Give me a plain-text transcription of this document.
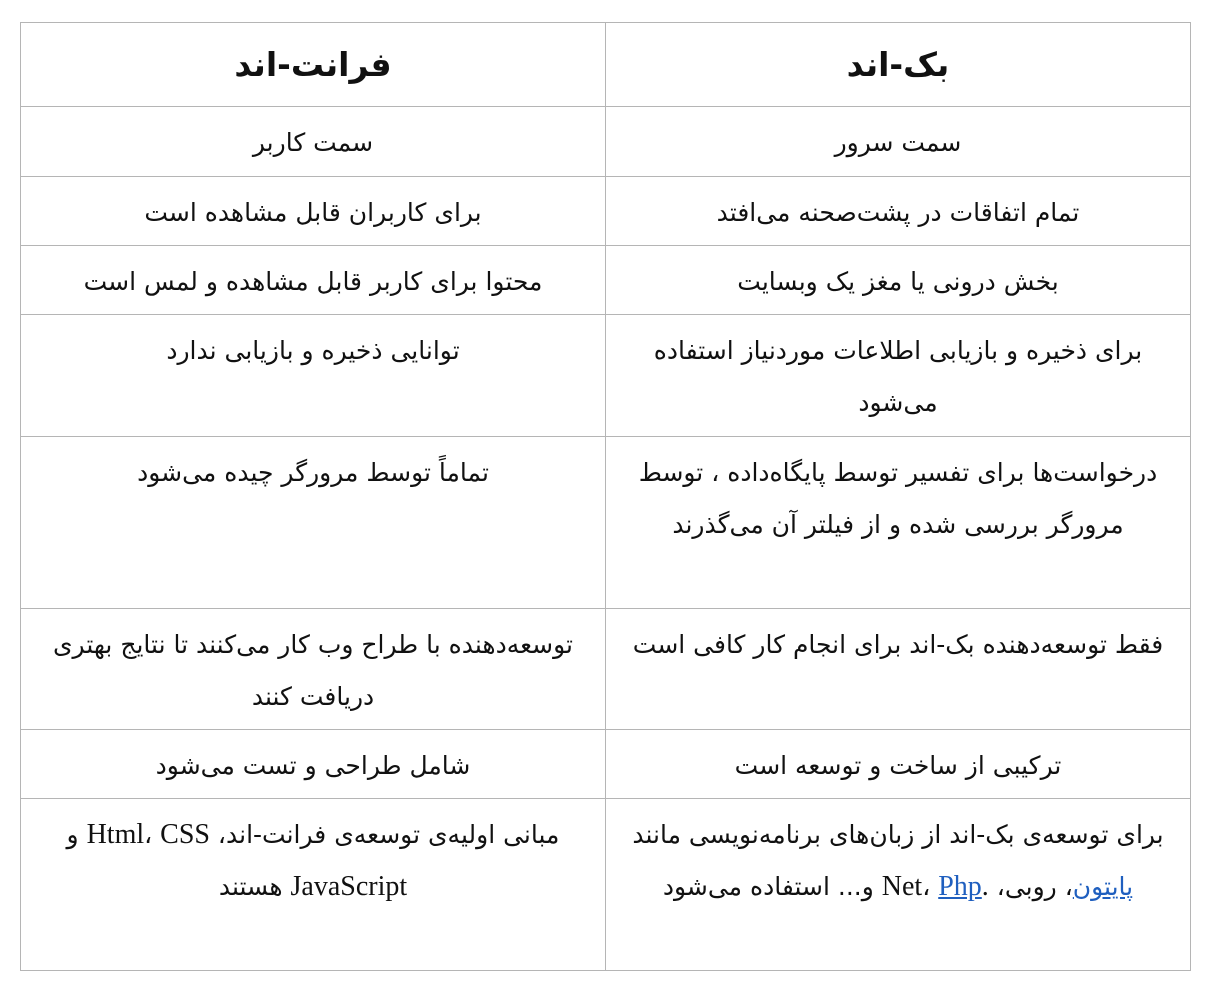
بک-اند	فرانت-اند
سمت سرور	سمت کاربر
تمام اتفاقات در پشت‌صحنه می‌افتد	برای کاربران قابل مشاهده است
بخش درونی یا مغز یک وبسایت	محتوا برای کاربر قابل مشاهده و لمس است
برای ذخیره و بازیابی اطلاعات موردنیاز استفاده می‌شود	توانایی ذخیره و بازیابی ندارد
درخواست‌ها برای تفسیر توسط پایگاه‌داده ، توسط مرورگر بررسی شده و از فیلتر آن می‌گذرند	تماماً توسط مرورگر چیده می‌شود
فقط توسعه‌دهنده بک-اند برای انجام کار کافی است	توسعه‌دهنده با طراح وب کار می‌کنند تا نتایج بهتری دریافت کنند
ترکیبی از ساخت و توسعه است	شامل طراحی و تست می‌شود
برای توسعه‌ی بک-اند از زبان‌های برنامه‌نویسی مانند پایتون، روبی، .Net، Php و... استفاده می‌شود	مبانی اولیه‌ی توسعه‌ی فرانت-اند، Html، CSS و JavaScript هستند
